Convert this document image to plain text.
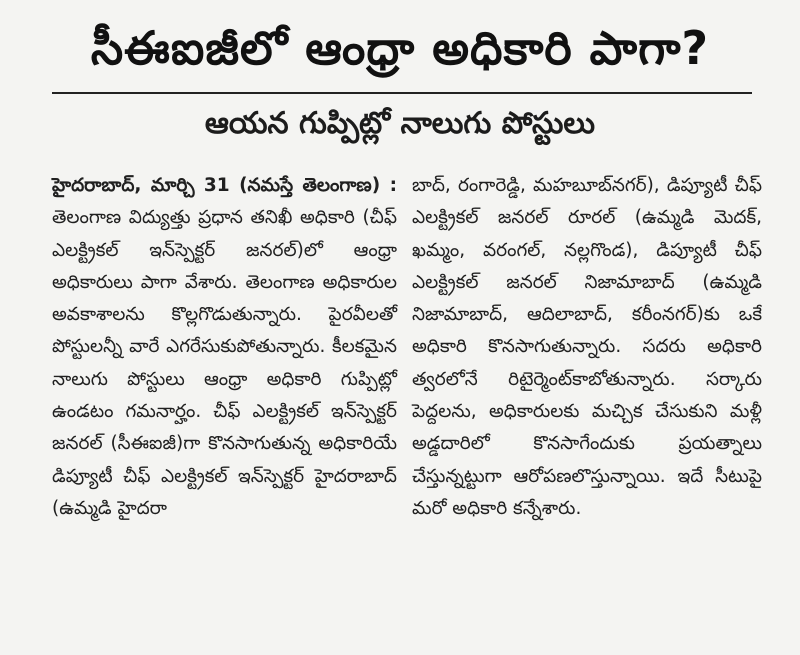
సీఈఐజీలో ఆంధ్రా అధికారి పాగా?
ఆయన గుప్పిట్లో నాలుగు పోస్టులు

హైదరాబాద్, మార్చి 31 (నమస్తే తెలంగాణ) : తెలంగాణ విద్యుత్తు ప్రధాన తనిఖీ అధికారి (చీఫ్ ఎలక్ట్రికల్ ఇన్‌స్పెక్టర్ జనరల్)లో ఆంధ్రా అధికారులు పాగా వేశారు. తెలంగాణ అధికారుల అవకాశాలను కొల్లగొడుతున్నారు. పైరవీలతో పోస్టులన్నీ వారే ఎగరేసుకుపోతున్నారు. కీలకమైన నాలుగు పోస్టులు ఆంధ్రా అధికారి గుప్పిట్లో ఉండటం గమనార్హం. చీఫ్ ఎలక్ట్రికల్ ఇన్‌స్పెక్టర్ జనరల్ (సీఈఐజీ)గా కొనసాగుతున్న అధికారియే డిప్యూటీ చీఫ్ ఎలక్ట్రికల్ ఇన్‌స్పెక్టర్ హైదరాబాద్ (ఉమ్మడి హైదరా

బాద్, రంగారెడ్డి, మహబూబ్‌నగర్), డిప్యూటీ చీఫ్ ఎలక్ట్రికల్ జనరల్ రూరల్ (ఉమ్మడి మెదక్, ఖమ్మం, వరంగల్, నల్లగొండ), డిప్యూటీ చీఫ్ ఎలక్ట్రికల్ జనరల్ నిజామాబాద్ (ఉమ్మడి నిజామాబాద్, ఆదిలాబాద్, కరీంనగర్)కు ఒకే అధికారి కొనసాగుతున్నారు. సదరు అధికారి త్వరలోనే రిటైర్మెంట్‌కాబోతున్నారు. సర్కారు పెద్దలను, అధికారులకు మచ్చిక చేసుకుని మళ్లీ అడ్డదారిలో కొనసాగేందుకు ప్రయత్నాలు చేస్తున్నట్టుగా ఆరోపణలొస్తున్నాయి. ఇదే సీటుపై మరో అధికారి కన్నేశారు.
